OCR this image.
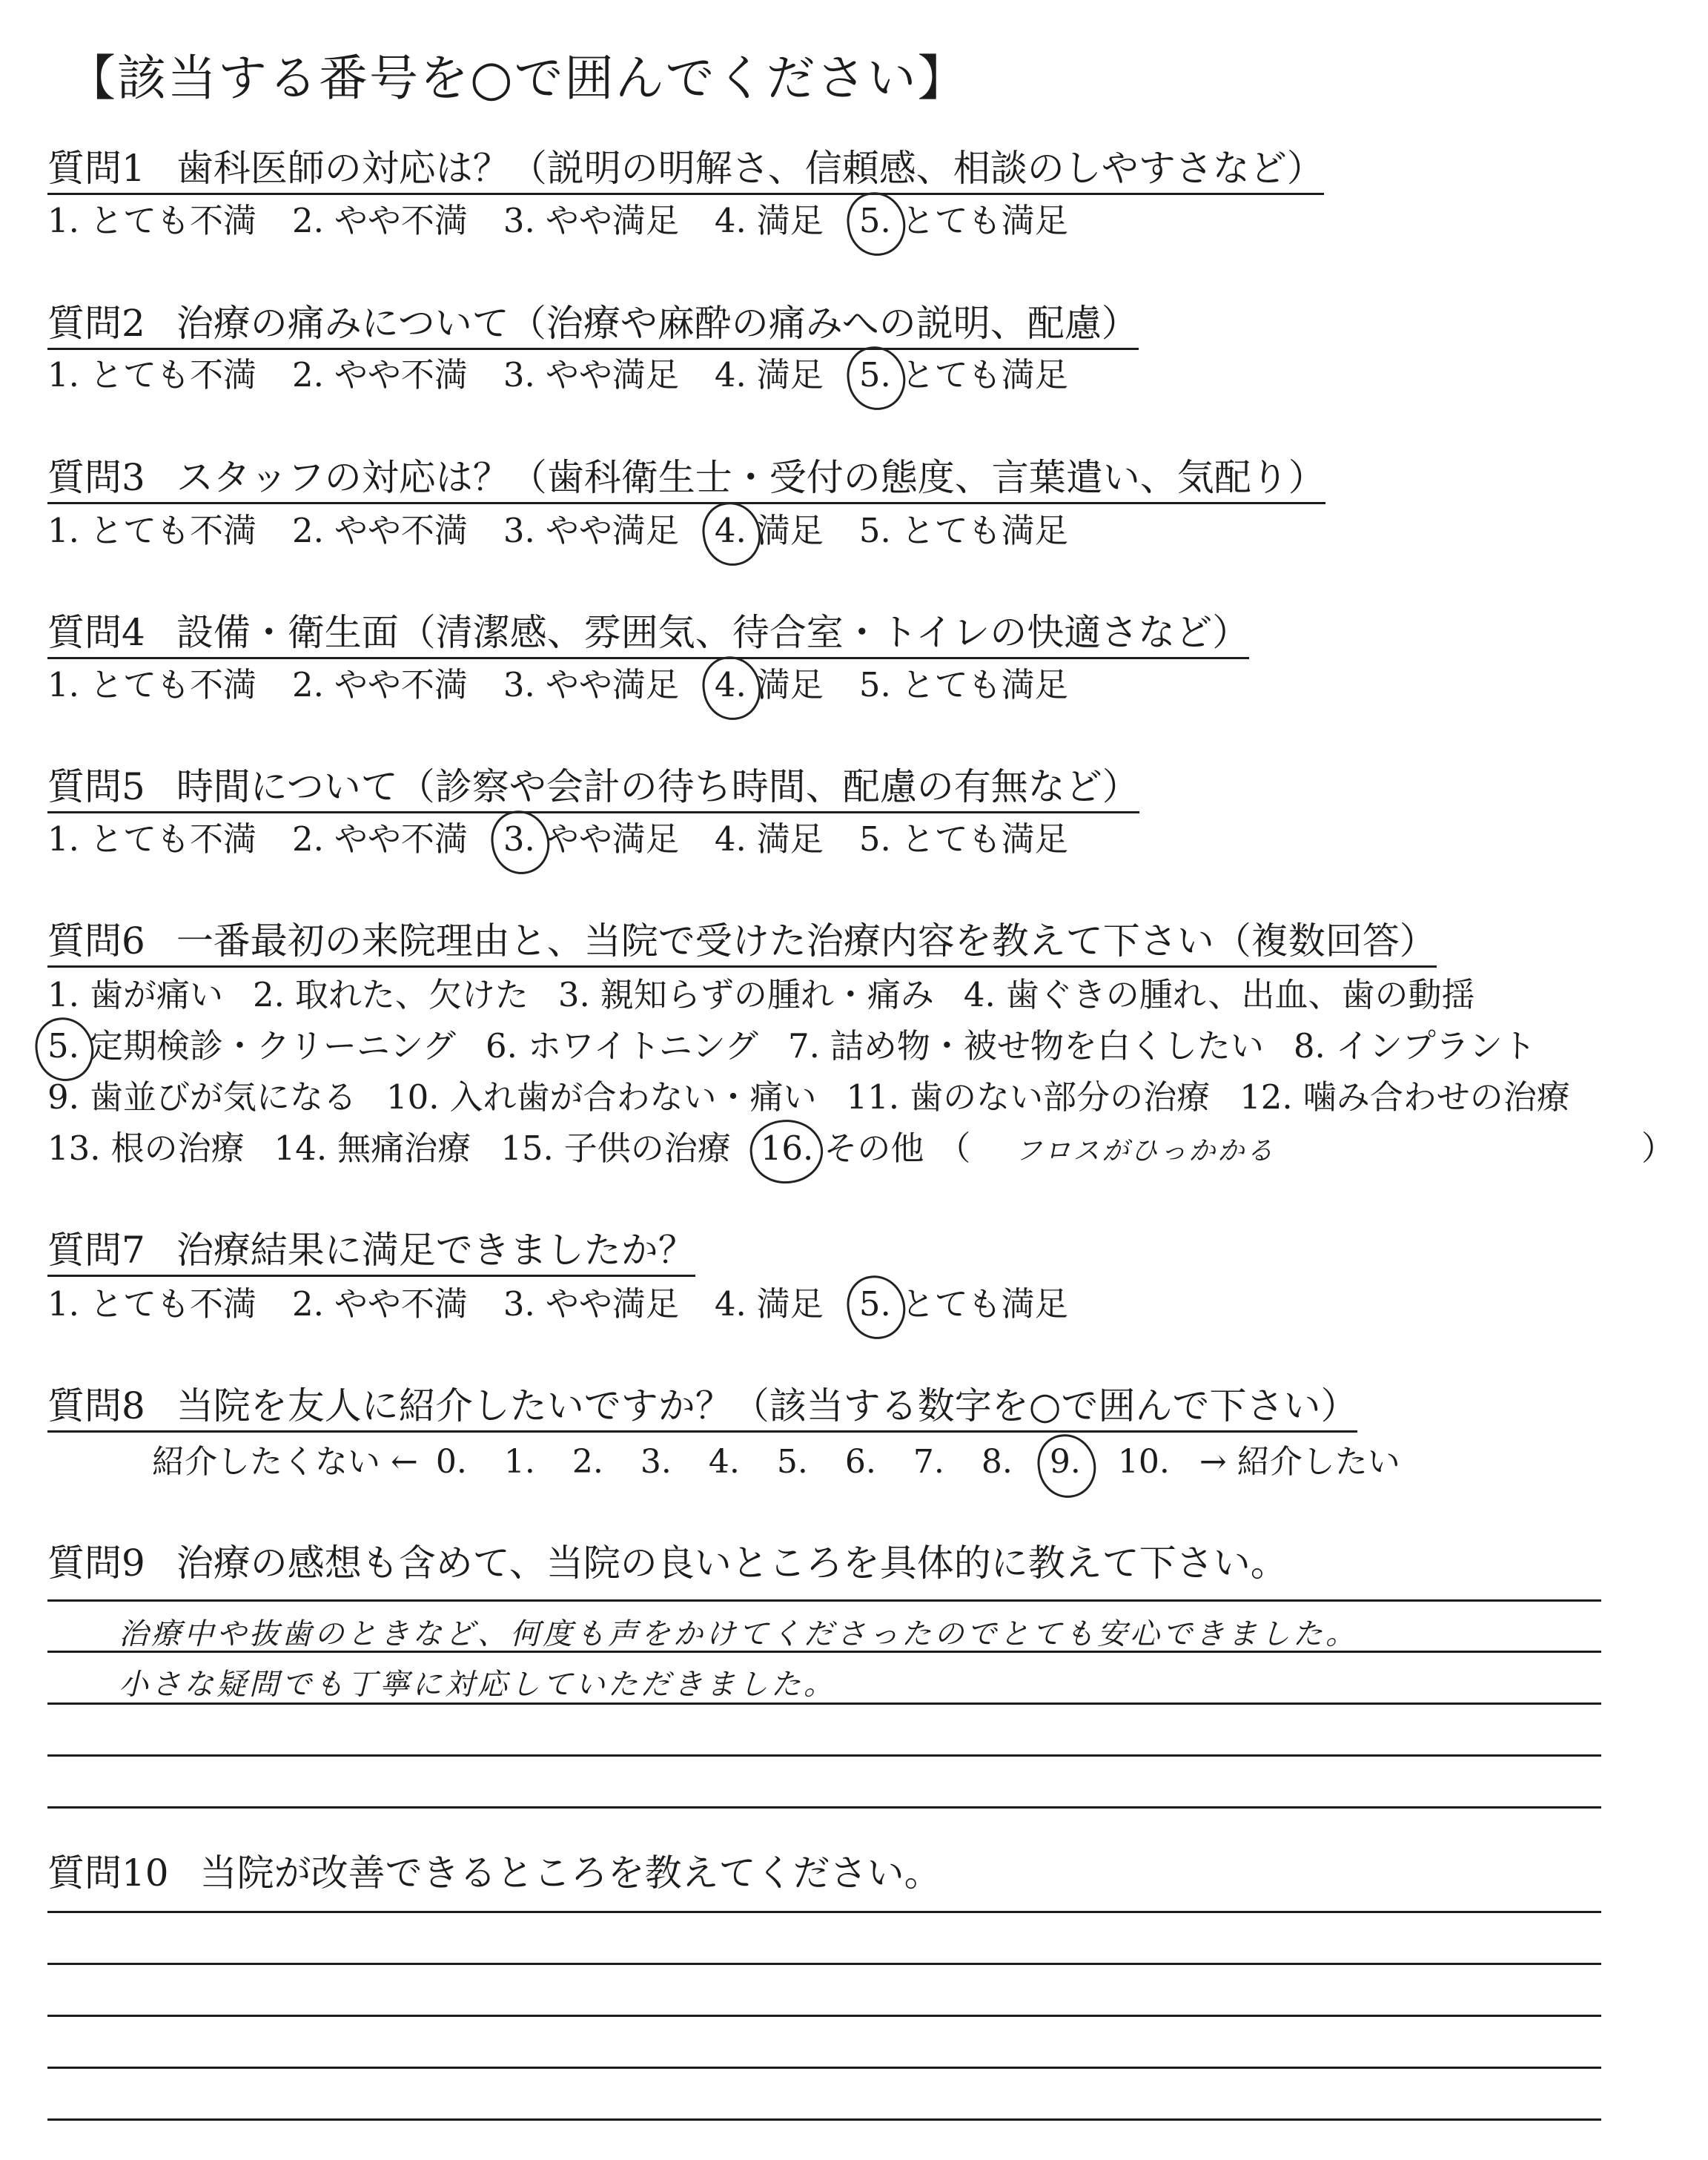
【該当する番号を○で囲んでください】
質問1 歯科医師の対応は？（説明の明解さ、信頼感、相談のしやすさなど）
1. とても不満 2. やや不満 3. やや満足 4. 満足 5. とても満足
質問2 治療の痛みについて（治療や麻酔の痛みへの説明、配慮）
1. とても不満 2. やや不満 3. やや満足 4. 満足 5. とても満足
質問3 スタッフの対応は？（歯科衛生士・受付の態度、言葉遣い、気配り）
1. とても不満 2. やや不満 3. やや満足 4. 満足 5. とても満足
質問4 設備・衛生面（清潔感、雰囲気、待合室・トイレの快適さなど）
1. とても不満 2. やや不満 3. やや満足 4. 満足 5. とても満足
質問5 時間について（診察や会計の待ち時間、配慮の有無など）
1. とても不満 2. やや不満 3. やや満足 4. 満足 5. とても満足
質問6 一番最初の来院理由と、当院で受けた治療内容を教えて下さい（複数回答）
1. 歯が痛い 2. 取れた、欠けた 3. 親知らずの腫れ・痛み 4. 歯ぐきの腫れ、出血、歯の動揺
5. 定期検診・クリーニング 6. ホワイトニング 7. 詰め物・被せ物を白くしたい 8. インプラント
9. 歯並びが気になる 10. 入れ歯が合わない・痛い 11. 歯のない部分の治療 12. 噛み合わせの治療
13. 根の治療 14. 無痛治療 15. 子供の治療 16. その他 （ フロスがひっかかる	）
質問7 治療結果に満足できましたか？
1. とても不満 2. やや不満 3. やや満足 4. 満足 5. とても満足
質問8 当院を友人に紹介したいですか？（該当する数字を○で囲んで下さい）
紹介したくない ← 0. 1. 2. 3. 4. 5. 6. 7. 8. 9. 10. → 紹介したい
質問9 治療の感想も含めて、当院の良いところを具体的に教えて下さい。
治療中や抜歯のときなど、何度も声をかけてくださったのでとても安心できました。
小さな疑問でも丁寧に対応していただきました。
質問10 当院が改善できるところを教えてください。
